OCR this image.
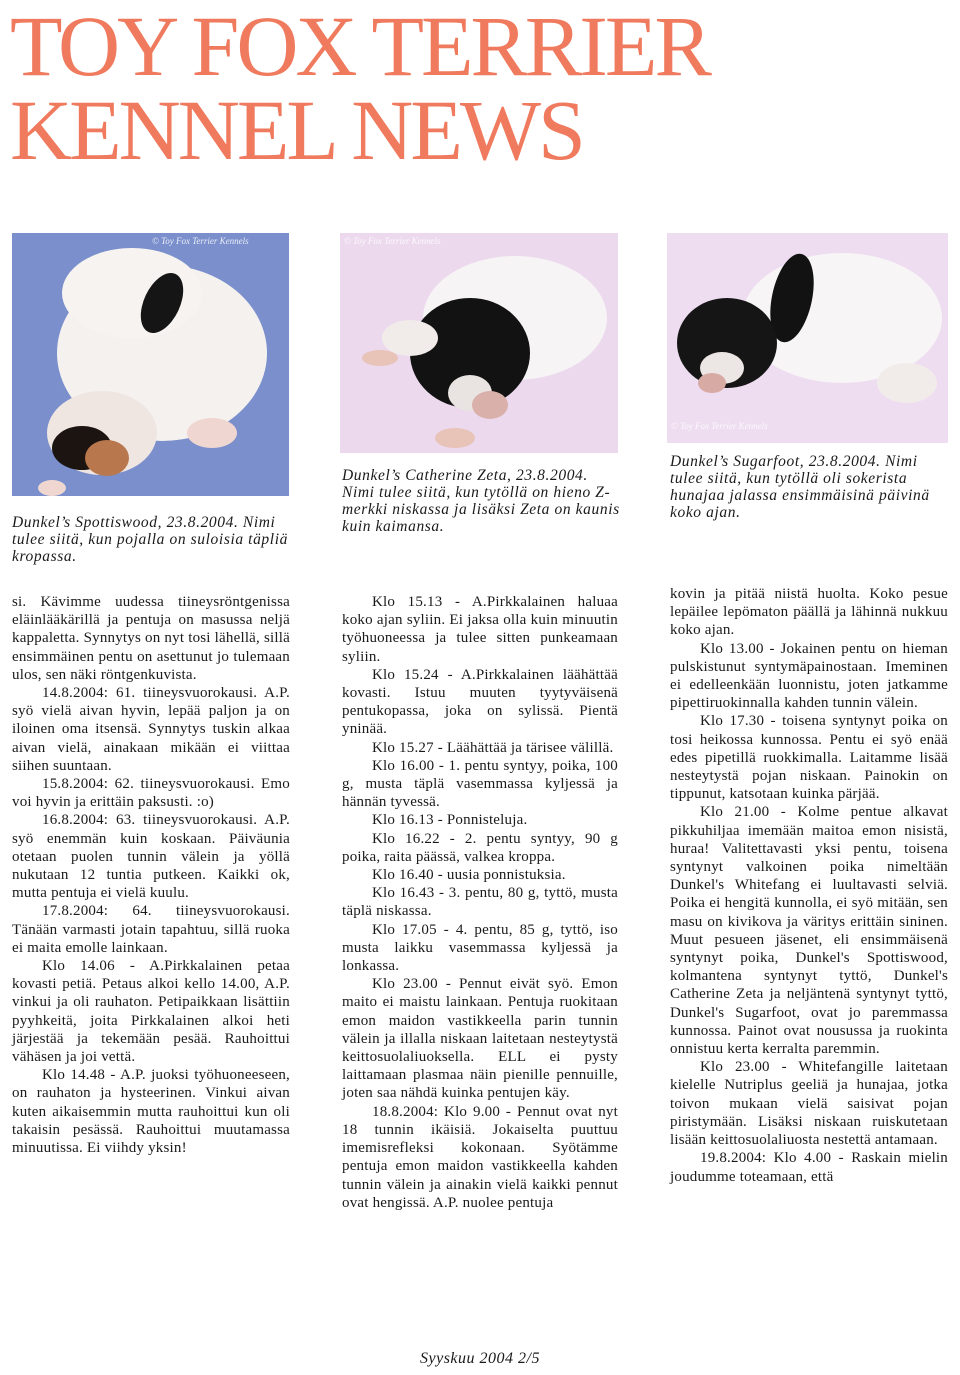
TOY FOX TERRIER
KENNEL NEWS
© Toy Fox Terrier Kennels	© Toy Fox Terrier Kennels
© Toy Fox Terrier Kennels
Dunkel’s Spottiswood, 23.8.2004. Nimi tulee siitä, kun pojalla on suloisia täpliä kropassa.
Dunkel’s Catherine Zeta, 23.8.2004. Nimi tulee siitä, kun tytöllä on hieno Z-merkki niskassa ja lisäksi Zeta on kaunis kuin kaimansa.
Dunkel’s Sugarfoot, 23.8.2004. Nimi tulee siitä, kun tytöllä oli sokerista hunajaa jalassa ensimmäisinä päivinä koko ajan.

si. Kävimme uudessa tiineysröntgenissa eläinlääkärillä ja pentuja on masussa neljä kappaletta. Synnytys on nyt tosi lähellä, sillä ensimmäinen pentu on asettunut jo tulemaan ulos, sen näki röntgenkuvista.

14.8.2004: 61. tiineysvuorokausi. A.P. syö vielä aivan hyvin, lepää paljon ja on iloinen oma itsensä. Synnytys tuskin alkaa aivan vielä, ainakaan mikään ei viittaa siihen suuntaan.

15.8.2004: 62. tiineysvuorokausi. Emo voi hyvin ja erittäin paksusti. :o)

16.8.2004: 63. tiineysvuorokausi. A.P. syö enemmän kuin koskaan. Päiväunia otetaan puolen tunnin välein ja yöllä nukutaan 12 tuntia putkeen. Kaikki ok, mutta pentuja ei vielä kuulu.

17.8.2004: 64. tiineysvuorokausi. Tänään varmasti jotain tapahtuu, sillä ruoka ei maita emolle lainkaan.

Klo 14.06 - A.Pirkkalainen petaa kovasti petiä. Petaus alkoi kello 14.00, A.P. vinkui ja oli rauhaton. Petipaikkaan lisättiin pyyhkeitä, joita Pirkkalainen alkoi heti järjestää ja tekemään pesää. Rauhoittui vähäsen ja joi vettä.

Klo 14.48 - A.P. juoksi työhuoneeseen, on rauhaton ja hysteerinen. Vinkui aivan kuten aikaisemmin mutta rauhoittui kun oli takaisin pesässä. Rauhoittui muutamassa minuutissa. Ei viihdy yksin!

Klo 15.13 - A.Pirkkalainen haluaa koko ajan syliin. Ei jaksa olla kuin minuutin työhuoneessa ja tulee sitten punkeamaan syliin.

Klo 15.24 - A.Pirkkalainen läähättää kovasti. Istuu muuten tyytyväisenä pentukopassa, joka on sylissä. Pientä yninää.

Klo 15.27 - Läähättää ja tärisee välillä.

Klo 16.00 - 1. pentu syntyy, poika, 100 g, musta täplä vasemmassa kyljessä ja hännän tyvessä.

Klo 16.13 - Ponnisteluja.

Klo 16.22 - 2. pentu syntyy, 90 g poika, raita päässä, valkea kroppa.

Klo 16.40 - uusia ponnistuksia.

Klo 16.43 - 3. pentu, 80 g, tyttö, musta täplä niskassa.

Klo 17.05 - 4. pentu, 85 g, tyttö, iso musta laikku vasemmassa kyljessä ja lonkassa.

Klo 23.00 - Pennut eivät syö. Emon maito ei maistu lainkaan. Pentuja ruokitaan emon maidon vastikkeella parin tunnin välein ja illalla niskaan laitetaan nesteytystä keittosuolaliuoksella. ELL ei pysty laittamaan plasmaa näin pienille pennuille, joten saa nähdä kuinka pentujen käy.

18.8.2004: Klo 9.00 - Pennut ovat nyt 18 tunnin ikäisiä. Jokaiselta puuttuu imemisrefleksi kokonaan. Syötämme pentuja emon maidon vastikkeella kahden tunnin välein ja ainakin vielä kaikki pennut ovat hengissä. A.P. nuolee pentuja

kovin ja pitää niistä huolta. Koko pesue lepäilee lepömaton päällä ja lähinnä nukkuu koko ajan.

Klo 13.00 - Jokainen pentu on hieman pulskistunut syntymäpainostaan. Imeminen ei edelleenkään luonnistu, joten jatkamme pipettiruokinnalla kahden tunnin välein.

Klo 17.30 - toisena syntynyt poika on tosi heikossa kunnossa. Pentu ei syö enää edes pipetillä ruokkimalla. Laitamme lisää nesteytystä pojan niskaan. Painokin on tippunut, katsotaan kuinka pärjää.

Klo 21.00 - Kolme pentue alkavat pikkuhiljaa imemään maitoa emon nisistä, huraa! Valitettavasti yksi pentu, toisena syntynyt valkoinen poika nimeltään Dunkel's Whitefang ei luultavasti selviä. Poika ei hengitä kunnolla, ei syö mitään, sen masu on kivikova ja väritys erittäin sininen. Muut pesueen jäsenet, eli ensimmäisenä syntynyt poika, Dunkel's Spottiswood, kolmantena syntynyt tyttö, Dunkel's Catherine Zeta ja neljäntenä syntynyt tyttö, Dunkel's Sugarfoot, ovat jo paremmassa kunnossa. Painot ovat nousussa ja ruokinta onnistuu kerta kerralta paremmin.

Klo 23.00 - Whitefangille laitetaan kielelle Nutriplus geeliä ja hunajaa, jotka toivon mukaan vielä saisivat pojan piristymään. Lisäksi niskaan ruiskutetaan lisään keittosuolaliuosta nestettä antamaan.

19.8.2004: Klo 4.00 - Raskain mielin joudumme toteamaan, että

Syyskuu 2004 2/5
